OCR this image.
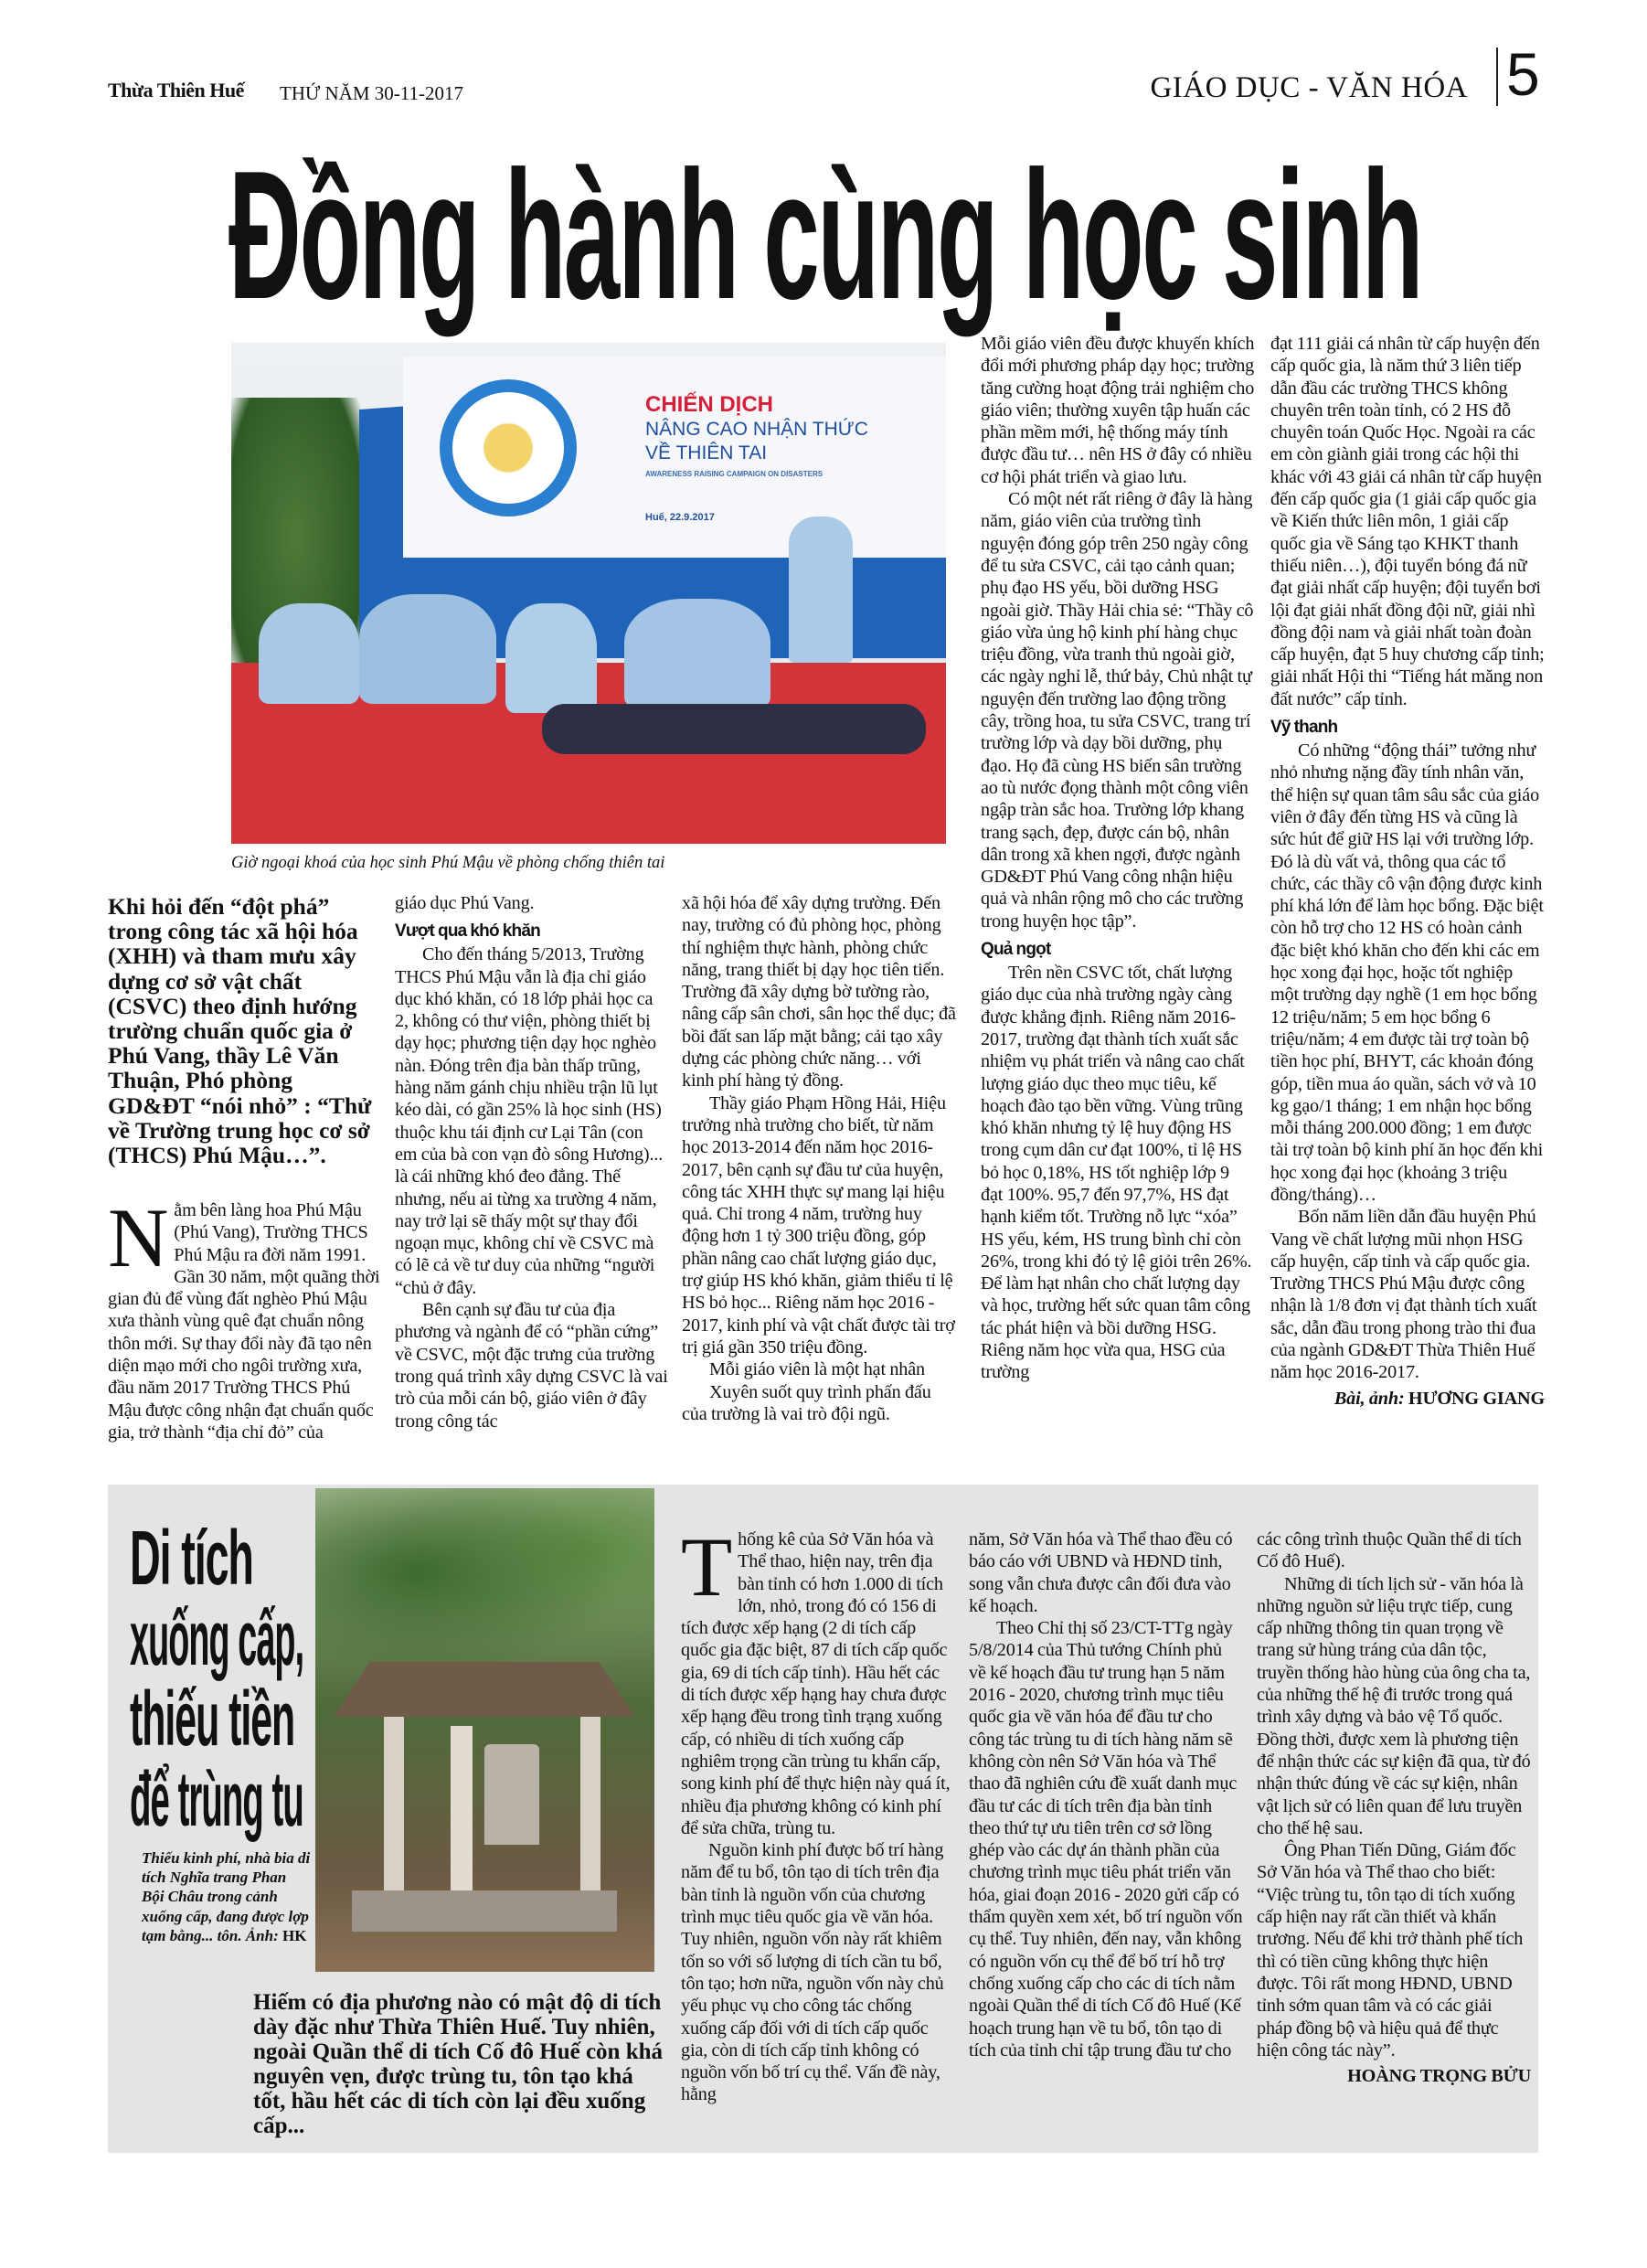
Thừa Thiên Huế THỨ NĂM 30-11-2017	GIÁO DỤC - VĂN HÓA 5
Đồng hành cùng học sinh
CHIẾN DỊCH
NÂNG CAO NHẬN THỨC
VỀ THIÊN TAI
AWARENESS RAISING CAMPAIGN ON DISASTERS
Huế, 22.9.2017
Giờ ngoại khoá của học sinh Phú Mậu về phòng chống thiên tai
Khi hỏi đến “đột phá” trong công tác xã hội hóa (XHH) và tham mưu xây dựng cơ sở vật chất (CSVC) theo định hướng trường chuẩn quốc gia ở Phú Vang, thầy Lê Văn Thuận, Phó phòng GD&ĐT “nói nhỏ” : “Thử về Trường trung học cơ sở (THCS) Phú Mậu…”.

Nằm bên làng hoa Phú Mậu (Phú Vang), Trường THCS Phú Mậu ra đời năm 1991. Gần 30 năm, một quãng thời gian đủ để vùng đất nghèo Phú Mậu xưa thành vùng quê đạt chuẩn nông thôn mới. Sự thay đổi này đã tạo nên diện mạo mới cho ngôi trường xưa, đầu năm 2017 Trường THCS Phú Mậu được công nhận đạt chuẩn quốc gia, trở thành “địa chỉ đỏ” của

giáo dục Phú Vang.

Vượt qua khó khăn

Cho đến tháng 5/2013, Trường THCS Phú Mậu vẫn là địa chỉ giáo dục khó khăn, có 18 lớp phải học ca 2, không có thư viện, phòng thiết bị dạy học; phương tiện dạy học nghèo nàn. Đóng trên địa bàn thấp trũng, hàng năm gánh chịu nhiều trận lũ lụt kéo dài, có gần 25% là học sinh (HS) thuộc khu tái định cư Lại Tân (con em của bà con vạn đò sông Hương)... là cái những khó đeo đẳng. Thế nhưng, nếu ai từng xa trường 4 năm, nay trở lại sẽ thấy một sự thay đổi ngoạn mục, không chỉ về CSVC mà có lẽ cả về tư duy của những “người “chủ ở đây.

Bên cạnh sự đầu tư của địa phương và ngành để có “phần cứng” về CSVC, một đặc trưng của trường trong quá trình xây dựng CSVC là vai trò của mỗi cán bộ, giáo viên ở đây trong công tác

xã hội hóa để xây dựng trường. Đến nay, trường có đủ phòng học, phòng thí nghiệm thực hành, phòng chức năng, trang thiết bị dạy học tiên tiến. Trường đã xây dựng bờ tường rào, nâng cấp sân chơi, sân học thể dục; đã bồi đất san lấp mặt bằng; cải tạo xây dựng các phòng chức năng… với kinh phí hàng tỷ đồng.

Thầy giáo Phạm Hồng Hải, Hiệu trưởng nhà trường cho biết, từ năm học 2013-2014 đến năm học 2016-2017, bên cạnh sự đầu tư của huyện, công tác XHH thực sự mang lại hiệu quả. Chỉ trong 4 năm, trường huy động hơn 1 tỷ 300 triệu đồng, góp phần nâng cao chất lượng giáo dục, trợ giúp HS khó khăn, giảm thiểu tỉ lệ HS bỏ học... Riêng năm học 2016 - 2017, kinh phí và vật chất được tài trợ trị giá gần 350 triệu đồng.

Mỗi giáo viên là một hạt nhân

Xuyên suốt quy trình phấn đấu của trường là vai trò đội ngũ.

Mỗi giáo viên đều được khuyến khích đổi mới phương pháp dạy học; trường tăng cường hoạt động trải nghiệm cho giáo viên; thường xuyên tập huấn các phần mềm mới, hệ thống máy tính được đầu tư… nên HS ở đây có nhiều cơ hội phát triển và giao lưu.

Có một nét rất riêng ở đây là hàng năm, giáo viên của trường tình nguyện đóng góp trên 250 ngày công để tu sửa CSVC, cải tạo cảnh quan; phụ đạo HS yếu, bồi dưỡng HSG ngoài giờ. Thầy Hải chia sẻ: “Thầy cô giáo vừa ủng hộ kinh phí hàng chục triệu đồng, vừa tranh thủ ngoài giờ, các ngày nghỉ lễ, thứ bảy, Chủ nhật tự nguyện đến trường lao động trồng cây, trồng hoa, tu sửa CSVC, trang trí trường lớp và dạy bồi dưỡng, phụ đạo. Họ đã cùng HS biến sân trường ao tù nước đọng thành một công viên ngập tràn sắc hoa. Trường lớp khang trang sạch, đẹp, được cán bộ, nhân dân trong xã khen ngợi, được ngành GD&ĐT Phú Vang công nhận hiệu quả và nhân rộng mô cho các trường trong huyện học tập”.

Quả ngọt

Trên nền CSVC tốt, chất lượng giáo dục của nhà trường ngày càng được khẳng định. Riêng năm 2016-2017, trường đạt thành tích xuất sắc nhiệm vụ phát triển và nâng cao chất lượng giáo dục theo mục tiêu, kế hoạch đào tạo bền vững. Vùng trũng khó khăn nhưng tỷ lệ huy động HS trong cụm dân cư đạt 100%, tỉ lệ HS bỏ học 0,18%, HS tốt nghiệp lớp 9 đạt 100%. 95,7 đến 97,7%, HS đạt hạnh kiểm tốt. Trường nỗ lực “xóa” HS yếu, kém, HS trung bình chỉ còn 26%, trong khi đó tỷ lệ giỏi trên 26%. Để làm hạt nhân cho chất lượng dạy và học, trường hết sức quan tâm công tác phát hiện và bồi dưỡng HSG. Riêng năm học vừa qua, HSG của trường

đạt 111 giải cá nhân từ cấp huyện đến cấp quốc gia, là năm thứ 3 liên tiếp dẫn đầu các trường THCS không chuyên trên toàn tỉnh, có 2 HS đỗ chuyên toán Quốc Học. Ngoài ra các em còn giành giải trong các hội thi khác với 43 giải cá nhân từ cấp huyện đến cấp quốc gia (1 giải cấp quốc gia về Kiến thức liên môn, 1 giải cấp quốc gia về Sáng tạo KHKT thanh thiếu niên…), đội tuyển bóng đá nữ đạt giải nhất cấp huyện; đội tuyển bơi lội đạt giải nhất đồng đội nữ, giải nhì đồng đội nam và giải nhất toàn đoàn cấp huyện, đạt 5 huy chương cấp tỉnh; giải nhất Hội thi “Tiếng hát măng non đất nước” cấp tỉnh.

Vỹ thanh

Có những “động thái” tưởng như nhỏ nhưng nặng đầy tính nhân văn, thể hiện sự quan tâm sâu sắc của giáo viên ở đây đến từng HS và cũng là sức hút để giữ HS lại với trường lớp. Đó là dù vất vả, thông qua các tổ chức, các thầy cô vận động được kinh phí khá lớn để làm học bổng. Đặc biệt còn hỗ trợ cho 12 HS có hoàn cảnh đặc biệt khó khăn cho đến khi các em học xong đại học, hoặc tốt nghiệp một trường dạy nghề (1 em học bổng 12 triệu/năm; 5 em học bổng 6 triệu/năm; 4 em được tài trợ toàn bộ tiền học phí, BHYT, các khoản đóng góp, tiền mua áo quần, sách vở và 10 kg gạo/1 tháng; 1 em nhận học bổng mỗi tháng 200.000 đồng; 1 em được tài trợ toàn bộ kinh phí ăn học đến khi học xong đại học (khoảng 3 triệu đồng/tháng)…

Bốn năm liền dẫn đầu huyện Phú Vang về chất lượng mũi nhọn HSG cấp huyện, cấp tỉnh và cấp quốc gia. Trường THCS Phú Mậu được công nhận là 1/8 đơn vị đạt thành tích xuất sắc, dẫn đầu trong phong trào thi đua của ngành GD&ĐT Thừa Thiên Huế năm học 2016-2017.

Bài, ảnh: HƯƠNG GIANG

Di tích
xuống cấp,
thiếu tiền
để trùng tu
Thiếu kinh phí, nhà bia di tích Nghĩa trang Phan Bội Châu trong cảnh xuống cấp, đang được lợp tạm bằng... tôn. Ảnh: HK
Hiếm có địa phương nào có mật độ di tích dày đặc như Thừa Thiên Huế. Tuy nhiên, ngoài Quần thể di tích Cố đô Huế còn khá nguyên vẹn, được trùng tu, tôn tạo khá tốt, hầu hết các di tích còn lại đều xuống cấp...

Thống kê của Sở Văn hóa và Thể thao, hiện nay, trên địa bàn tỉnh có hơn 1.000 di tích lớn, nhỏ, trong đó có 156 di tích được xếp hạng (2 di tích cấp quốc gia đặc biệt, 87 di tích cấp quốc gia, 69 di tích cấp tỉnh). Hầu hết các di tích được xếp hạng hay chưa được xếp hạng đều trong tình trạng xuống cấp, có nhiều di tích xuống cấp nghiêm trọng cần trùng tu khẩn cấp, song kinh phí để thực hiện này quá ít, nhiều địa phương không có kinh phí để sửa chữa, trùng tu.

Nguồn kinh phí được bố trí hàng năm để tu bổ, tôn tạo di tích trên địa bàn tỉnh là nguồn vốn của chương trình mục tiêu quốc gia về văn hóa. Tuy nhiên, nguồn vốn này rất khiêm tốn so với số lượng di tích cần tu bổ, tôn tạo; hơn nữa, nguồn vốn này chủ yếu phục vụ cho công tác chống xuống cấp đối với di tích cấp quốc gia, còn di tích cấp tỉnh không có nguồn vốn bố trí cụ thể. Vấn đề này, hằng

năm, Sở Văn hóa và Thể thao đều có báo cáo với UBND và HĐND tỉnh, song vẫn chưa được cân đối đưa vào kế hoạch.

Theo Chỉ thị số 23/CT-TTg ngày 5/8/2014 của Thủ tướng Chính phủ về kế hoạch đầu tư trung hạn 5 năm 2016 - 2020, chương trình mục tiêu quốc gia về văn hóa để đầu tư cho công tác trùng tu di tích hàng năm sẽ không còn nên Sở Văn hóa và Thể thao đã nghiên cứu đề xuất danh mục đầu tư các di tích trên địa bàn tỉnh theo thứ tự ưu tiên trên cơ sở lồng ghép vào các dự án thành phần của chương trình mục tiêu phát triển văn hóa, giai đoạn 2016 - 2020 gửi cấp có thẩm quyền xem xét, bố trí nguồn vốn cụ thể. Tuy nhiên, đến nay, vẫn không có nguồn vốn cụ thể để bố trí hỗ trợ chống xuống cấp cho các di tích nằm ngoài Quần thể di tích Cố đô Huế (Kế hoạch trung hạn về tu bổ, tôn tạo di tích của tỉnh chỉ tập trung đầu tư cho

các công trình thuộc Quần thể di tích Cố đô Huế).

Những di tích lịch sử - văn hóa là những nguồn sử liệu trực tiếp, cung cấp những thông tin quan trọng về trang sử hùng tráng của dân tộc, truyền thống hào hùng của ông cha ta, của những thế hệ đi trước trong quá trình xây dựng và bảo vệ Tổ quốc. Đồng thời, được xem là phương tiện để nhận thức các sự kiện đã qua, từ đó nhận thức đúng về các sự kiện, nhân vật lịch sử có liên quan để lưu truyền cho thế hệ sau.

Ông Phan Tiến Dũng, Giám đốc Sở Văn hóa và Thể thao cho biết: “Việc trùng tu, tôn tạo di tích xuống cấp hiện nay rất cần thiết và khẩn trương. Nếu để khi trở thành phế tích thì có tiền cũng không thực hiện được. Tôi rất mong HĐND, UBND tỉnh sớm quan tâm và có các giải pháp đồng bộ và hiệu quả để thực hiện công tác này”.

HOÀNG TRỌNG BỬU
